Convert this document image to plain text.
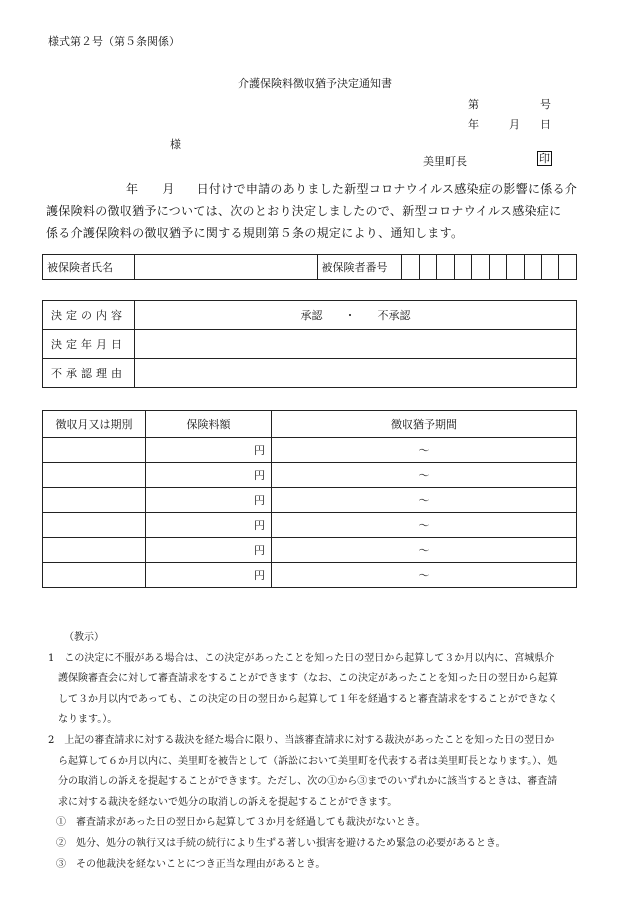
様式第２号（第５条関係）
介護保険料徴収猶予決定通知書
第	号
年	月 日
様
美里町長	印
年 月 日付けで申請のありました新型コロナウイルス感染症の影響に係る介
護保険料の徴収猶予については、次のとおり決定しましたので、新型コロナウイルス感染症に
係る介護保険料の徴収猶予に関する規則第５条の規定により、通知します。
被保険者氏名		被保険者番号										
決定の内容	承認　　・　　不承認
決定年月日	
不承認理由	
徴収月又は期別	保険料額	徴収猶予期間
	円	～
	円	～
	円	～
	円	～
	円	～
	円	～
（教示）
1　この決定に不服がある場合は、この決定があったことを知った日の翌日から起算して３か月以内に、宮城県介
　護保険審査会に対して審査請求をすることができます（なお、この決定があったことを知った日の翌日から起算
　して３か月以内であっても、この決定の日の翌日から起算して１年を経過すると審査請求をすることができなく
　なります。）。
2　上記の審査請求に対する裁決を経た場合に限り、当該審査請求に対する裁決があったことを知った日の翌日か
　ら起算して６か月以内に、美里町を被告として（訴訟において美里町を代表する者は美里町長となります。）、処
　分の取消しの訴えを提起することができます。ただし、次の①から③までのいずれかに該当するときは、審査請
　求に対する裁決を経ないで処分の取消しの訴えを提起することができます。
①　審査請求があった日の翌日から起算して３か月を経過しても裁決がないとき。
②　処分、処分の執行又は手続の続行により生ずる著しい損害を避けるため緊急の必要があるとき。
③　その他裁決を経ないことにつき正当な理由があるとき。
